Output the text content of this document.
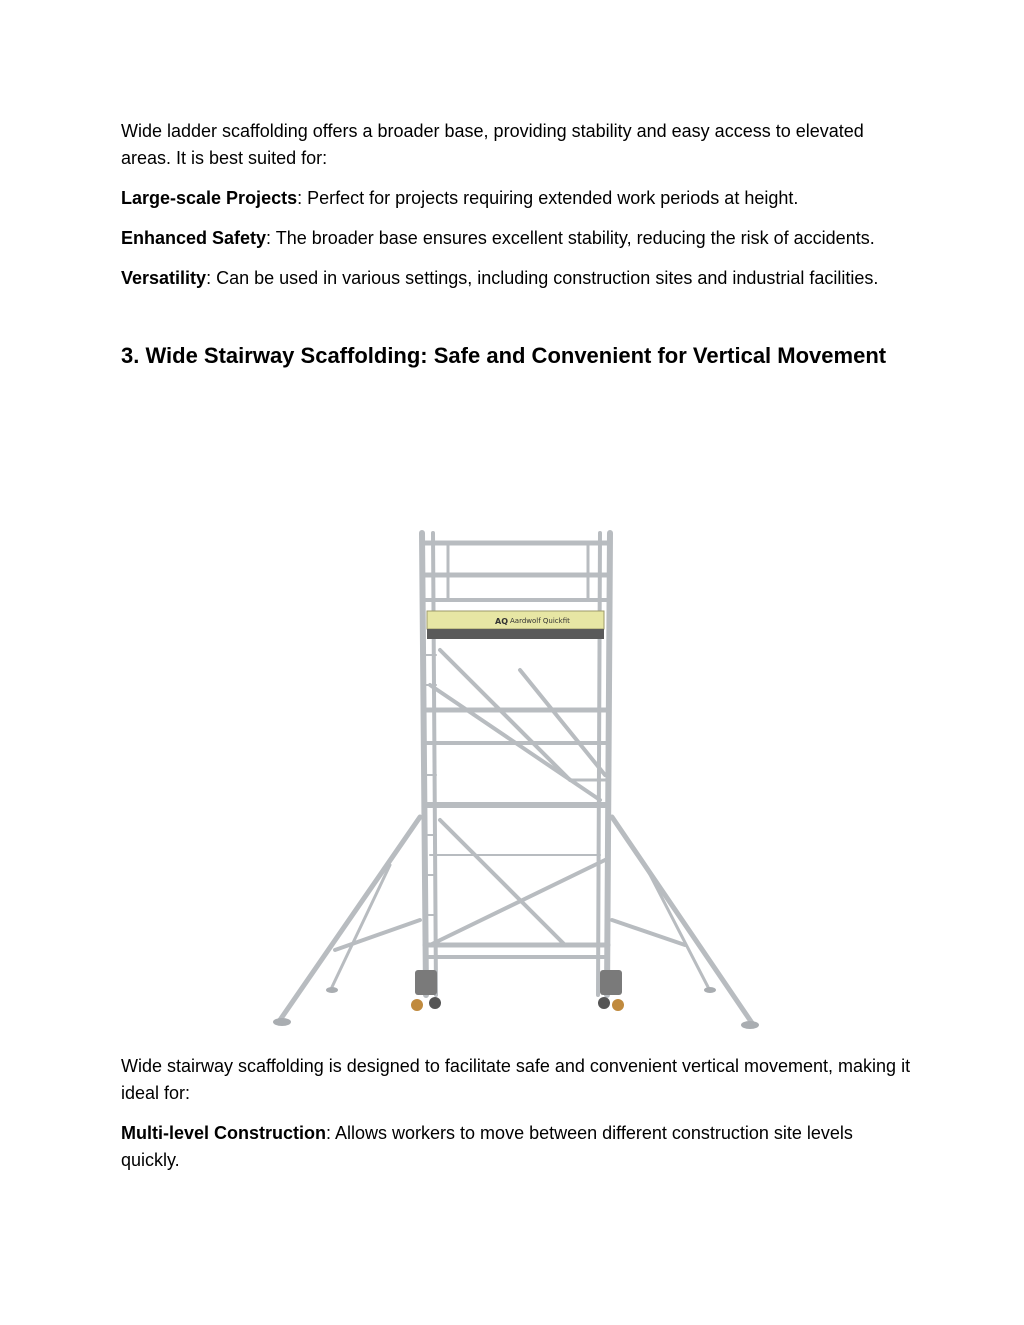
Wide ladder scaffolding offers a broader base, providing stability and easy access to elevated areas. It is best suited for:

Large-scale Projects: Perfect for projects requiring extended work periods at height.

Enhanced Safety: The broader base ensures excellent stability, reducing the risk of accidents.

Versatility: Can be used in various settings, including construction sites and industrial facilities.

3. Wide Stairway Scaffolding: Safe and Convenient for Vertical Movement
AQ Aardwolf Quickfit

Wide stairway scaffolding is designed to facilitate safe and convenient vertical movement, making it ideal for:

Multi-level Construction: Allows workers to move between different construction site levels quickly.
